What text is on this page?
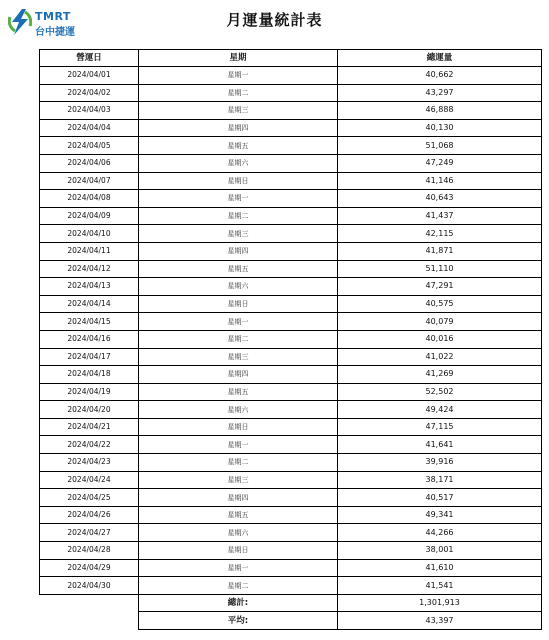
TMRT
台中捷運
月運量統計表
營運日	星期	總運量
2024/04/01	星期一	40,662
2024/04/02	星期二	43,297
2024/04/03	星期三	46,888
2024/04/04	星期四	40,130
2024/04/05	星期五	51,068
2024/04/06	星期六	47,249
2024/04/07	星期日	41,146
2024/04/08	星期一	40,643
2024/04/09	星期二	41,437
2024/04/10	星期三	42,115
2024/04/11	星期四	41,871
2024/04/12	星期五	51,110
2024/04/13	星期六	47,291
2024/04/14	星期日	40,575
2024/04/15	星期一	40,079
2024/04/16	星期二	40,016
2024/04/17	星期三	41,022
2024/04/18	星期四	41,269
2024/04/19	星期五	52,502
2024/04/20	星期六	49,424
2024/04/21	星期日	47,115
2024/04/22	星期一	41,641
2024/04/23	星期二	39,916
2024/04/24	星期三	38,171
2024/04/25	星期四	40,517
2024/04/26	星期五	49,341
2024/04/27	星期六	44,266
2024/04/28	星期日	38,001
2024/04/29	星期一	41,610
2024/04/30	星期二	41,541
	總計:	1,301,913
	平均:	43,397
